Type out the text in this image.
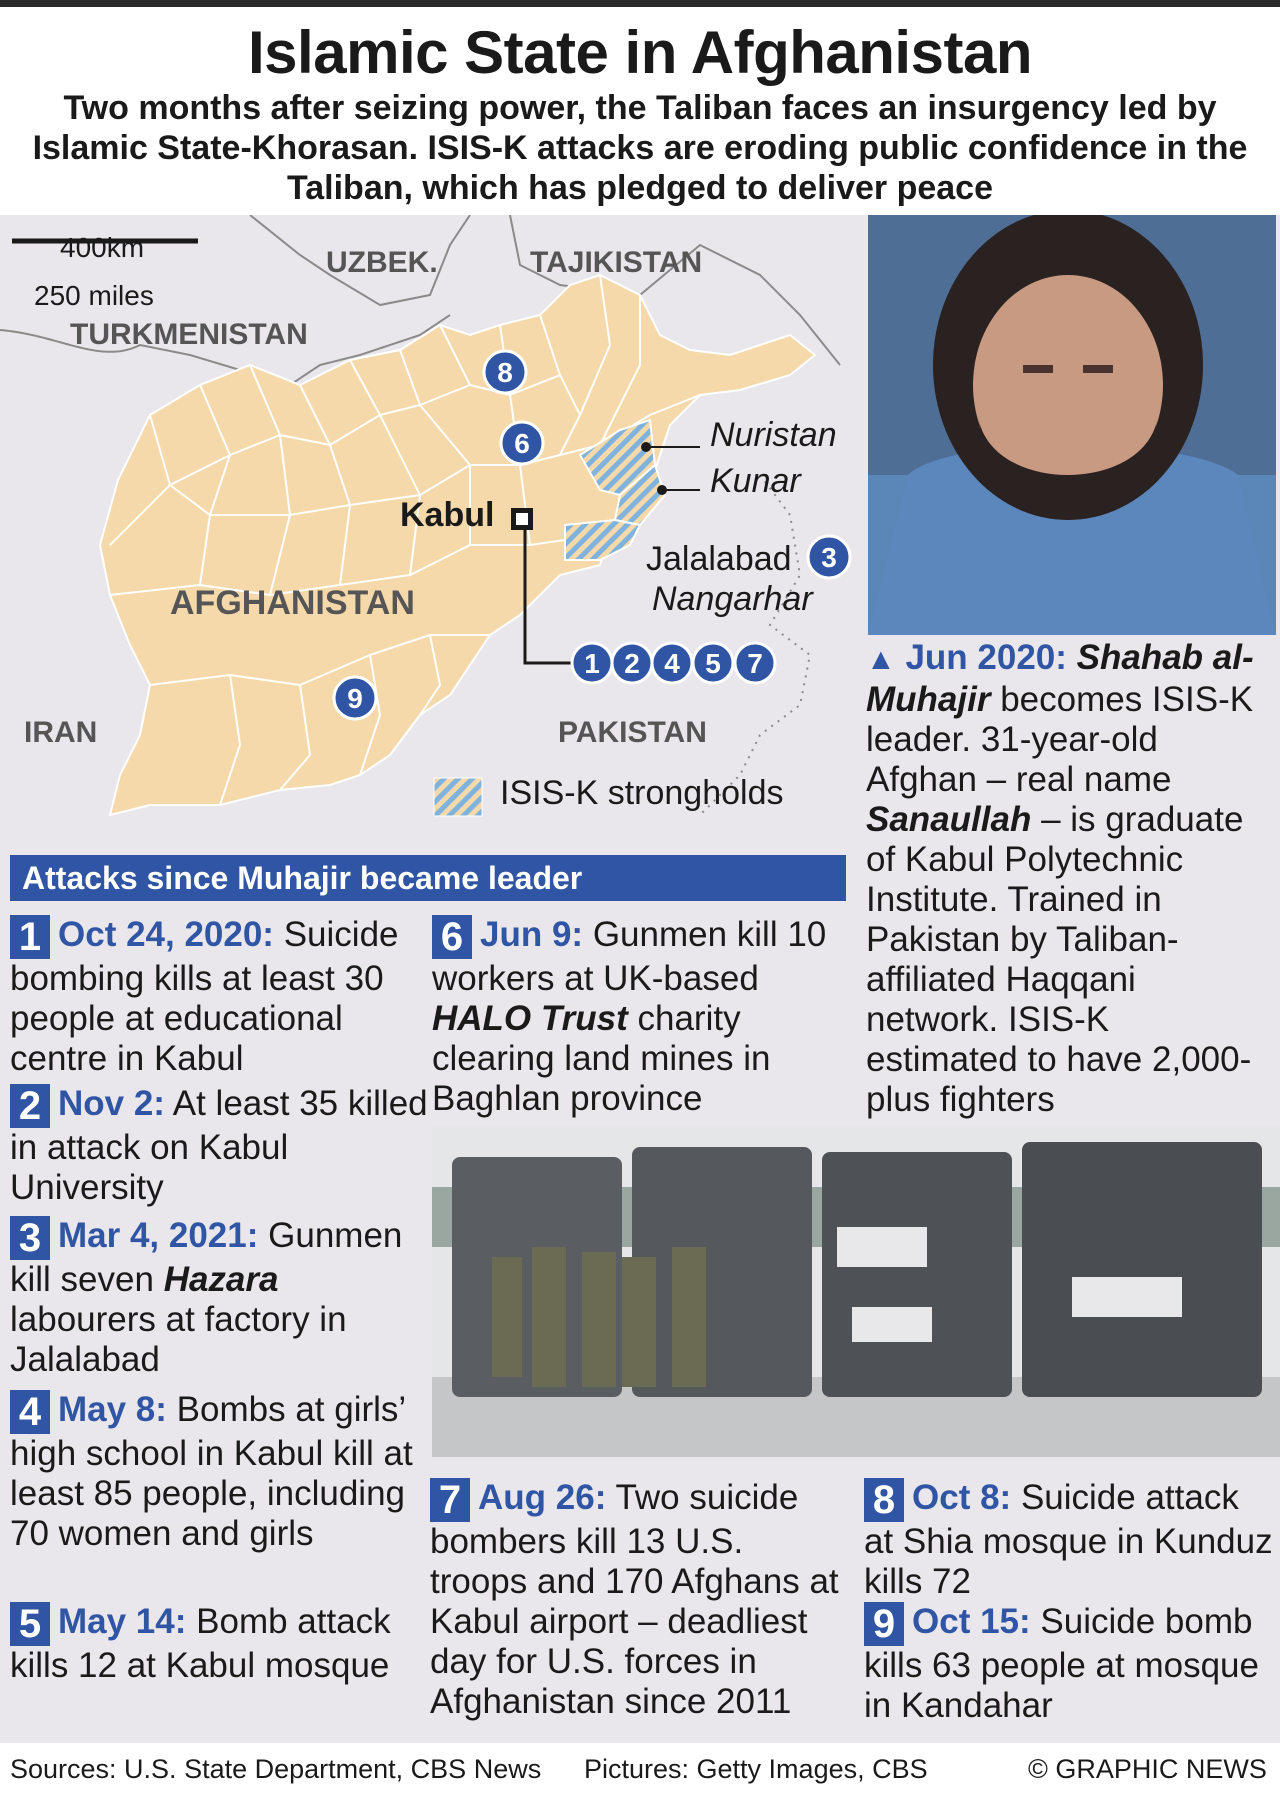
Islamic State in Afghanistan
Two months after seizing power, the Taliban faces an insurgency led by Islamic State-Khorasan. ISIS-K attacks are eroding public confidence in the Taliban, which has pledged to deliver peace
400km
250 miles
UZBEK.	TAJIKISTAN
TURKMENISTAN
AFGHANISTAN
IRAN	PAKISTAN
Kabul
Nuristan
Kunar
Jalalabad
Nangarhar
ISIS-K strongholds
8
6
3
9
1 2 4 5 7	▲ Jun 2020: Shahab al-Muhajir becomes ISIS-K leader. 31-year-old Afghan – real name Sanaullah – is graduate of Kabul Polytechnic Institute. Trained in Pakistan by Taliban-affiliated Haqqani network. ISIS-K estimated to have 2,000-plus fighters
Attacks since Muhajir became leader
1 Oct 24, 2020: Suicide bombing kills at least 30 people at educational centre in Kabul
2 Nov 2: At least 35 killed in attack on Kabul University
3 Mar 4, 2021: Gunmen kill seven Hazara labourers at factory in Jalalabad
4 May 8: Bombs at girls’ high school in Kabul kill at least 85 people, including 70 women and girls
5 May 14: Bomb attack kills 12 at Kabul mosque
6 Jun 9: Gunmen kill 10 workers at UK-based HALO Trust charity clearing land mines in Baghlan province
7 Aug 26: Two suicide bombers kill 13 U.S. troops and 170 Afghans at Kabul airport – deadliest day for U.S. forces in Afghanistan since 2011
8 Oct 8: Suicide attack at Shia mosque in Kunduz kills 72
9 Oct 15: Suicide bomb kills 63 people at mosque in Kandahar
Sources: U.S. State Department, CBS News Pictures: Getty Images, CBS	© GRAPHIC NEWS
